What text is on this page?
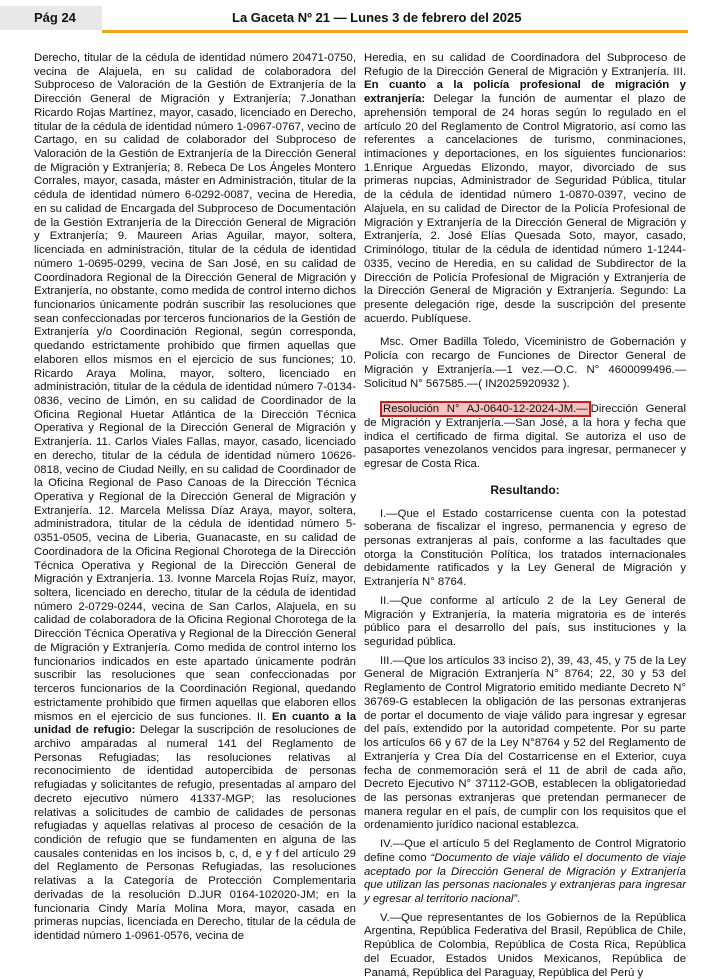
Pág 24	La Gaceta Nº 21 — Lunes 3 de febrero del 2025

Derecho, titular de la cédula de identidad número 20471-0750, vecina de Alajuela, en su calidad de colaboradora del Subproceso de Valoración de la Gestión de Extranjería de la Dirección General de Migración y Extranjería; 7.Jonathan Ricardo Rojas Martínez, mayor, casado, licenciado en Derecho, titular de la cédula de identidad número 1-0967-0767, vecino de Cartago, en su calidad de colaborador del Subproceso de Valoración de la Gestión de Extranjería de la Dirección General de Migración y Extranjería; 8. Rebeca De Los Ángeles Montero Corrales, mayor, casada, máster en Administración, titular de la cédula de identidad número 6-0292-0087, vecina de Heredia, en su calidad de Encargada del Subproceso de Documentación de la Gestión Extranjería de la Dirección General de Migración y Extranjería; 9. Maureen Arias Aguilar, mayor, soltera, licenciada en administración, titular de la cédula de identidad número 1-0695-0299, vecina de San José, en su calidad de Coordinadora Regional de la Dirección General de Migración y Extranjería, no obstante, como medida de control interno dichos funcionarios únicamente podrán suscribir las resoluciones que sean confeccionadas por terceros funcionarios de la Gestión de Extranjería y/o Coordinación Regional, según corresponda, quedando estrictamente prohibido que firmen aquellas que elaboren ellos mismos en el ejercicio de sus funciones; 10. Ricardo Araya Molina, mayor, soltero, licenciado en administración, titular de la cédula de identidad número 7-0134-0836, vecino de Limón, en su calidad de Coordinador de la Oficina Regional Huetar Atlántica de la Dirección Técnica Operativa y Regional de la Dirección General de Migración y Extranjería. 11. Carlos Viales Fallas, mayor, casado, licenciado en derecho, titular de la cédula de identidad número 10626-0818, vecino de Ciudad Neilly, en su calidad de Coordinador de la Oficina Regional de Paso Canoas de la Dirección Técnica Operativa y Regional de la Dirección General de Migración y Extranjería. 12. Marcela Melissa Díaz Araya, mayor, soltera, administradora, titular de la cédula de identidad número 5-0351-0505, vecina de Liberia, Guanacaste, en su calidad de Coordinadora de la Oficina Regional Chorotega de la Dirección Técnica Operativa y Regional de la Dirección General de Migración y Extranjería. 13. Ivonne Marcela Rojas Ruíz, mayor, soltera, licenciado en derecho, titular de la cédula de identidad número 2-0729-0244, vecina de San Carlos, Alajuela, en su calidad de colaboradora de la Oficina Regional Chorotega de la Dirección Técnica Operativa y Regional de la Dirección General de Migración y Extranjería. Como medida de control interno los funcionarios indicados en este apartado únicamente podrán suscribir las resoluciones que sean confeccionadas por terceros funcionarios de la Coordinación Regional, quedando estrictamente prohibido que firmen aquellas que elaboren ellos mismos en el ejercicio de sus funciones. II. En cuanto a la unidad de refugio: Delegar la suscripción de resoluciones de archivo amparadas al numeral 141 del Reglamento de Personas Refugiadas; las resoluciones relativas al reconocimiento de identidad autopercibida de personas refugiadas y solicitantes de refugio, presentadas al amparo del decreto ejecutivo número 41337-MGP; las resoluciones relativas a solicitudes de cambio de calidades de personas refugiadas y aquellas relativas al proceso de cesación de la condición de refugio que se fundamenten en alguna de las causales contenidas en los incisos b, c, d, e y f del artículo 29 del Reglamento de Personas Refugiadas, las resoluciones relativas a la Categoría de Protección Complementaria derivadas de la resolución D.JUR 0164-102020-JM; en la funcionaria Cindy María Molina Mora, mayor, casada en primeras nupcias, licenciada en Derecho, titular de la cédula de identidad número 1-0961-0576, vecina de

Heredia, en su calidad de Coordinadora del Subproceso de Refugio de la Dirección General de Migración y Extranjería. III. En cuanto a la policía profesional de migración y extranjería: Delegar la función de aumentar el plazo de aprehensión temporal de 24 horas según lo regulado en el artículo 20 del Reglamento de Control Migratorio, así como las referentes a cancelaciones de turismo, conminaciones, intimaciones y deportaciones, en los siguientes funcionarios: 1.Enrique Arguedas Elizondo, mayor, divorciado de sus primeras nupcias, Administrador de Seguridad Pública, titular de la cédula de identidad número 1-0870-0397, vecino de Alajuela, en su calidad de Director de la Policía Profesional de Migración y Extranjería de la Dirección General de Migración y Extranjería, 2. José Elías Quesada Soto, mayor, casado, Criminólogo, titular de la cédula de identidad número 1-1244-0335, vecino de Heredia, en su calidad de Subdirector de la Dirección de Policía Profesional de Migración y Extranjería de la Dirección General de Migración y Extranjería. Segundo: La presente delegación rige, desde la suscripción del presente acuerdo. Publíquese.

Msc. Omer Badilla Toledo, Viceministro de Gobernación y Policía con recargo de Funciones de Director General de Migración y Extranjería.—1 vez.—O.C. N° 4600099496.—Solicitud N° 567585.—( IN2025920932 ).

Resolución N° AJ-0640-12-2024-JM.— Dirección General de Migración y Extranjería.—San José, a la hora y fecha que indica el certificado de firma digital. Se autoriza el uso de pasaportes venezolanos vencidos para ingresar, permanecer y egresar de Costa Rica.

Resultando:

I.—Que el Estado costarricense cuenta con la potestad soberana de fiscalizar el ingreso, permanencia y egreso de personas extranjeras al país, conforme a las facultades que otorga la Constitución Política, los tratados internacionales debidamente ratificados y la Ley General de Migración y Extranjería N° 8764.

II.—Que conforme al artículo 2 de la Ley General de Migración y Extranjería, la materia migratoria es de interés público para el desarrollo del país, sus instituciones y la seguridad pública.

III.—Que los artículos 33 inciso 2), 39, 43, 45, y 75 de la Ley General de Migración Extranjería N° 8764; 22, 30 y 53 del Reglamento de Control Migratorio emitido mediante Decreto N° 36769-G establecen la obligación de las personas extranjeras de portar el documento de viaje válido para ingresar y egresar del país, extendido por la autoridad competente. Por su parte los artículos 66 y 67 de la Ley N°8764 y 52 del Reglamento de Extranjería y Crea Día del Costarricense en el Exterior, cuya fecha de conmemoración será el 11 de abril de cada año, Decreto Ejecutivo N° 37112-GOB, establecen la obligatoriedad de las personas extranjeras que pretendan permanecer de manera regular en el país, de cumplir con los requisitos que el ordenamiento jurídico nacional establezca.

IV.—Que el artículo 5 del Reglamento de Control Migratorio define como “Documento de viaje válido el documento de viaje aceptado por la Dirección General de Migración y Extranjería que utilizan las personas nacionales y extranjeras para ingresar y egresar al territorio nacional”.

V.—Que representantes de los Gobiernos de la República Argentina, República Federativa del Brasil, República de Chile, República de Colombia, República de Costa Rica, República del Ecuador, Estados Unidos Mexicanos, República de Panamá, República del Paraguay, República del Perú y
